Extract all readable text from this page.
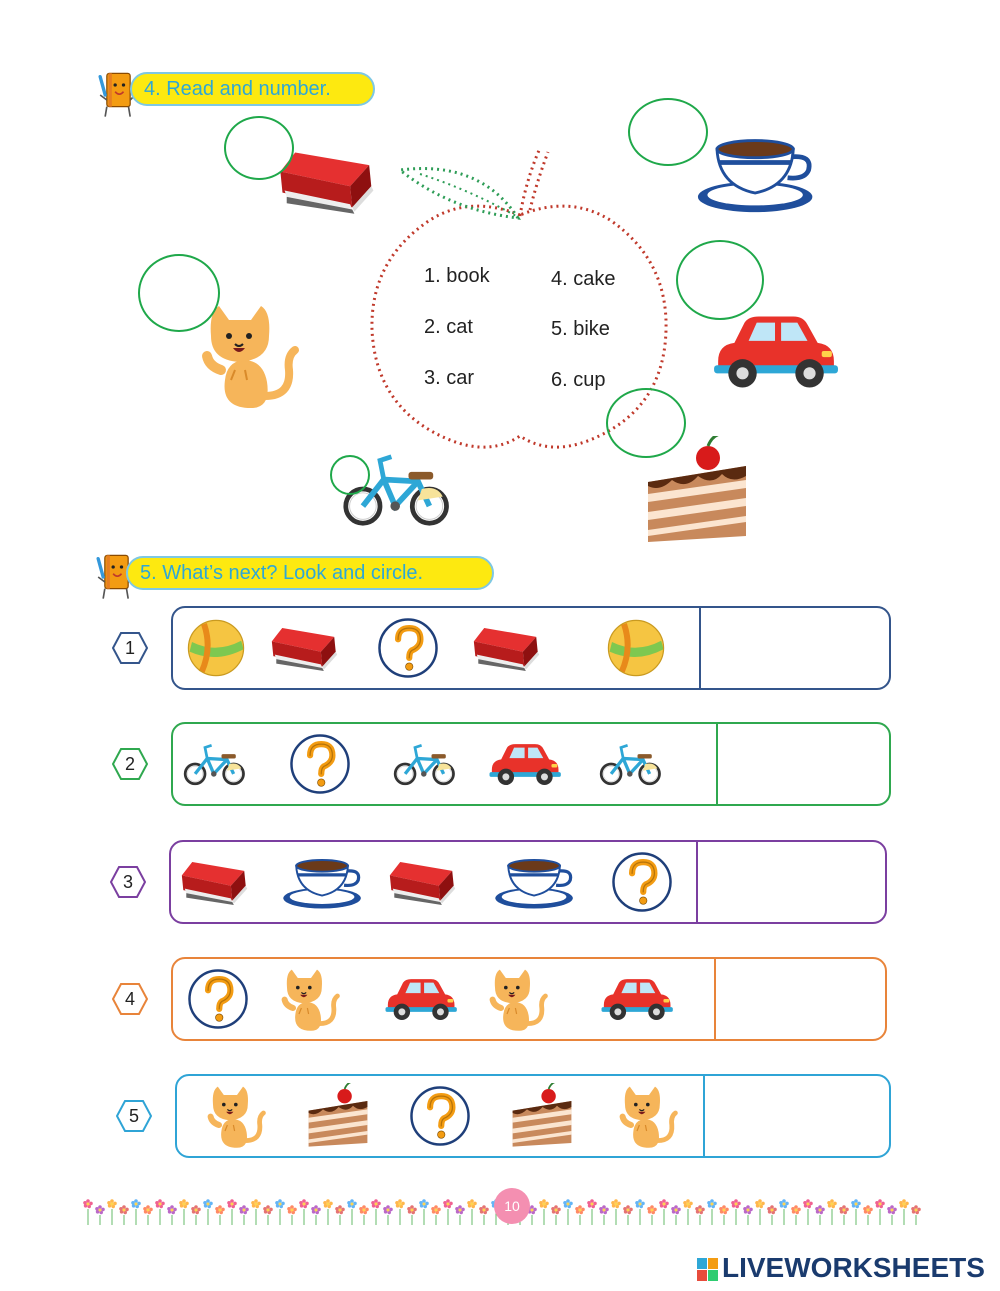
4. Read and number.
1. book
2. cat
3. car
4. cake
5. bike
6. cup
5. What’s next? Look and circle.
10
LIVEWORKSHEETS
1
2
3
4
5
